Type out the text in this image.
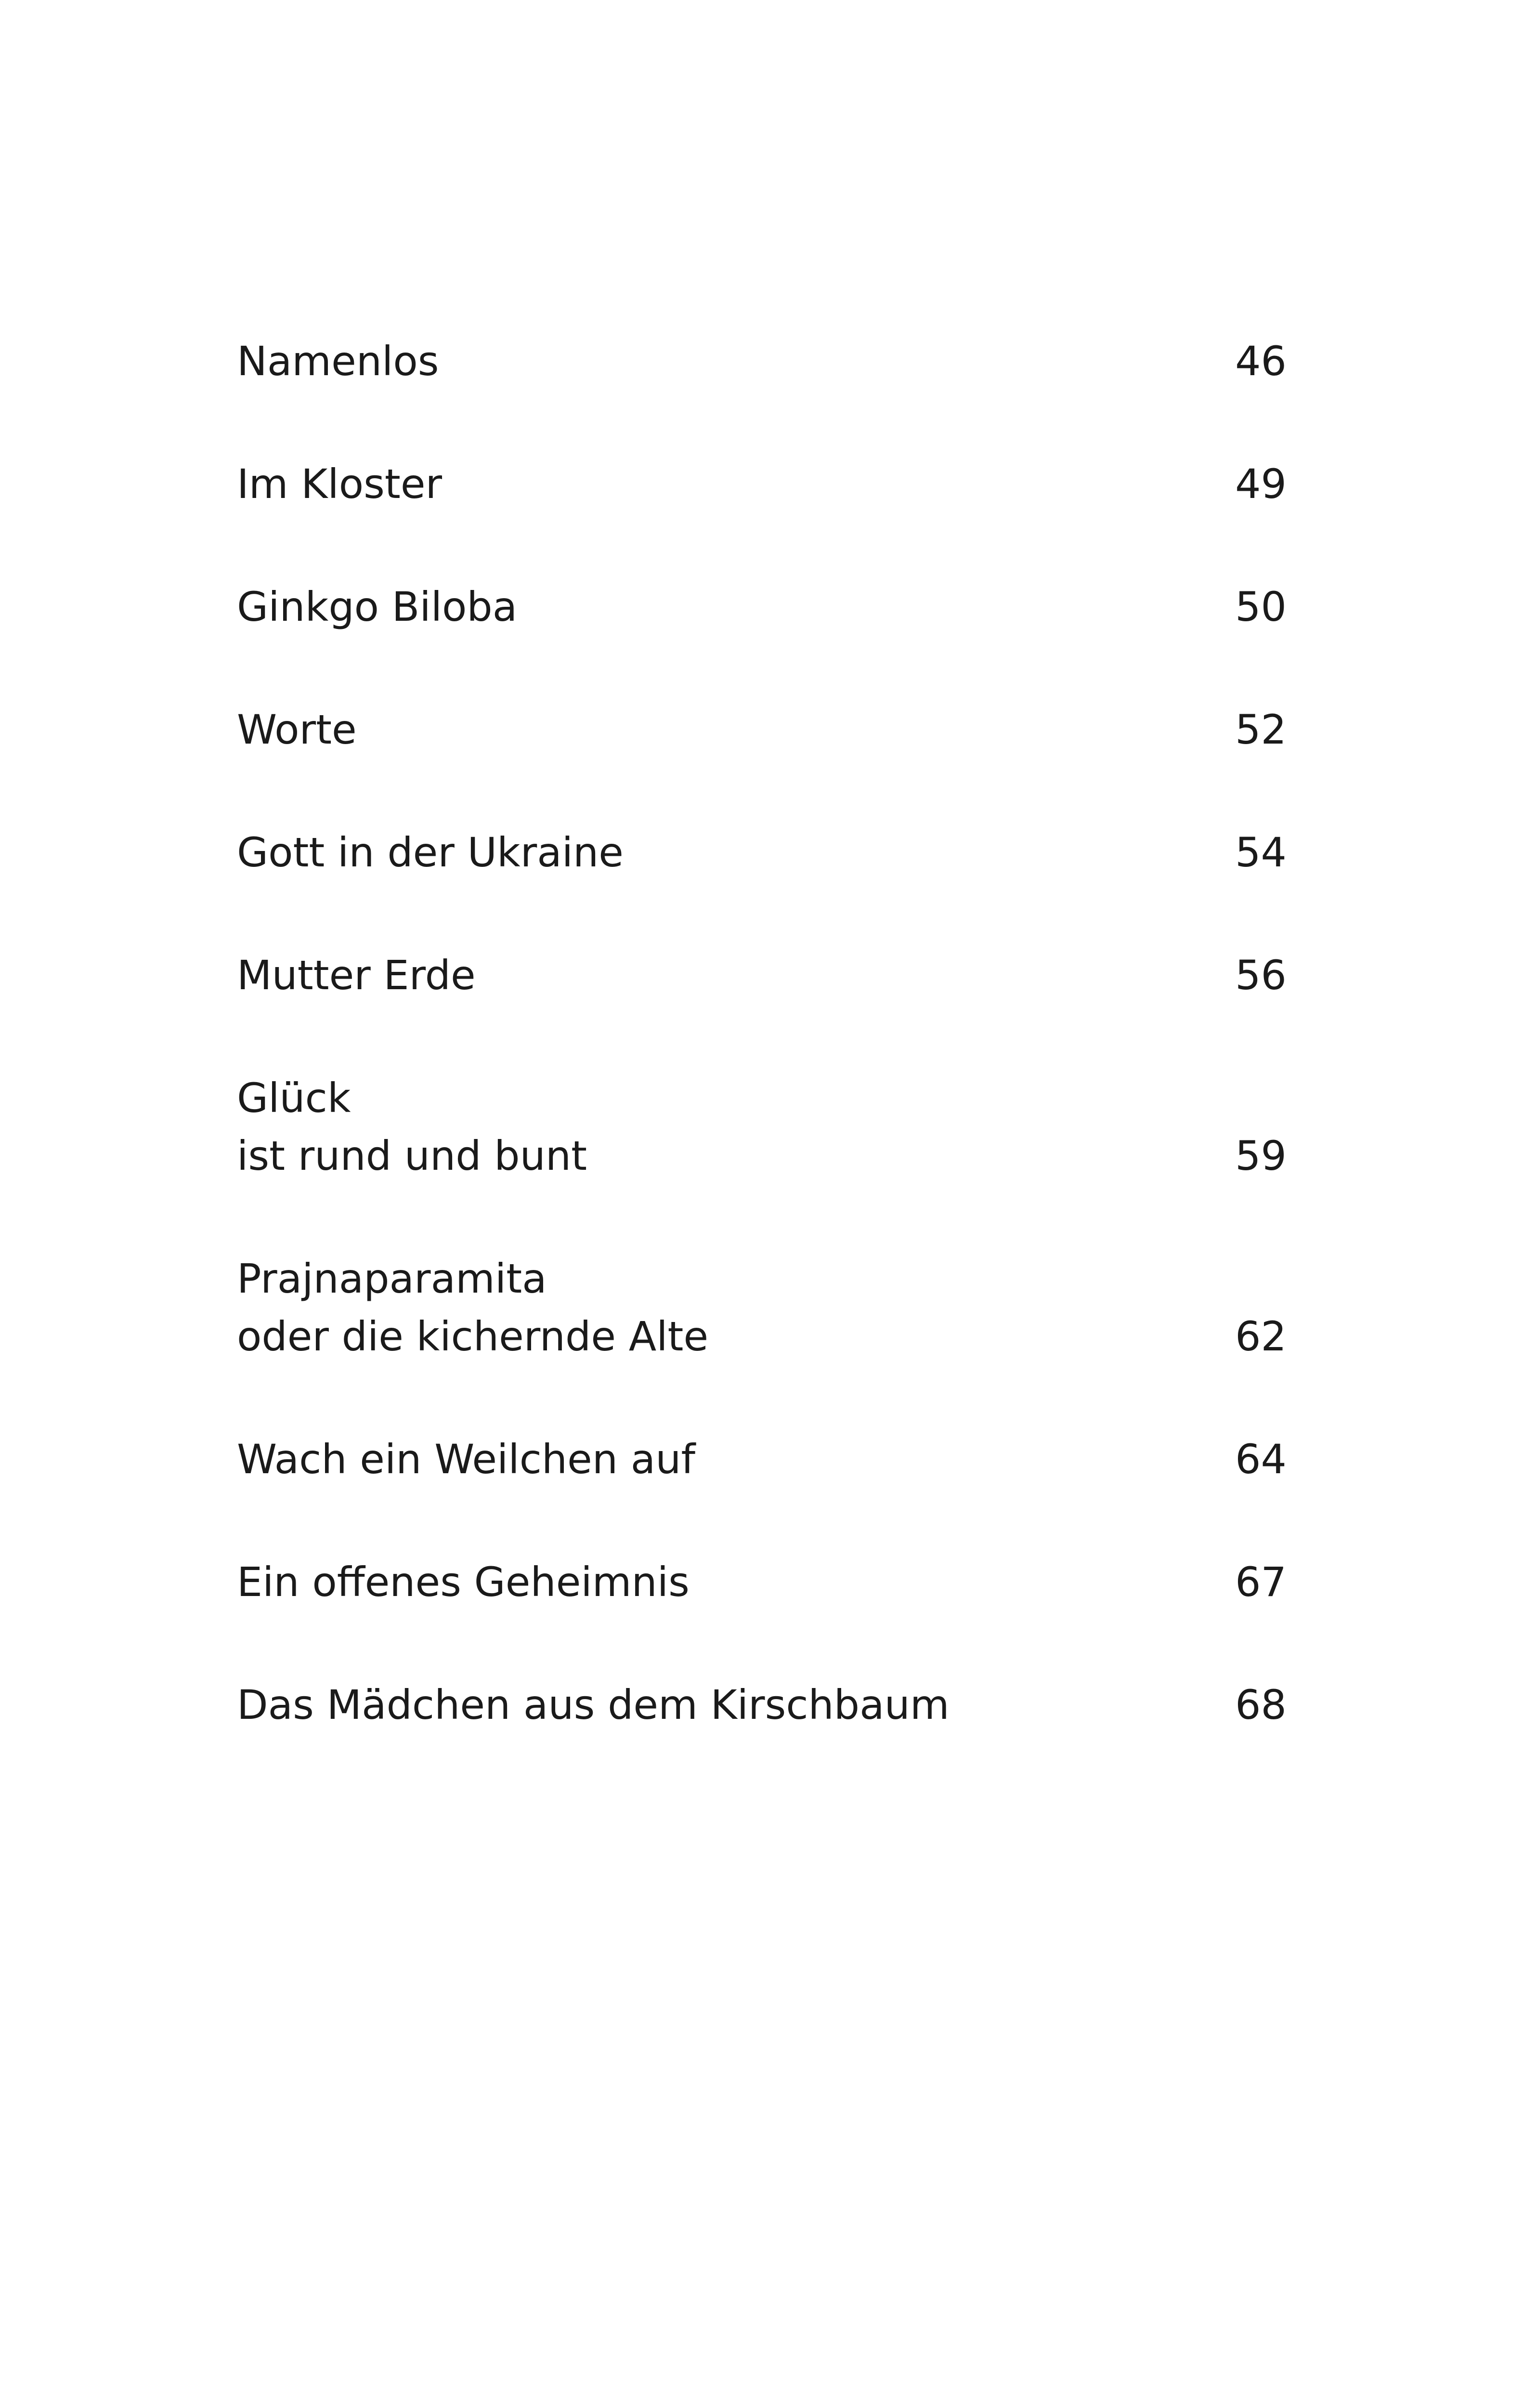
Namenlos	46
Im Kloster	49
Ginkgo Biloba	50
Worte	52
Gott in der Ukraine	54
Mutter Erde	56
Glück
ist rund und bunt	59
Prajnaparamita
oder die kichernde Alte	62
Wach ein Weilchen auf	64
Ein offenes Geheimnis	67
Das Mädchen aus dem Kirschbaum	68
